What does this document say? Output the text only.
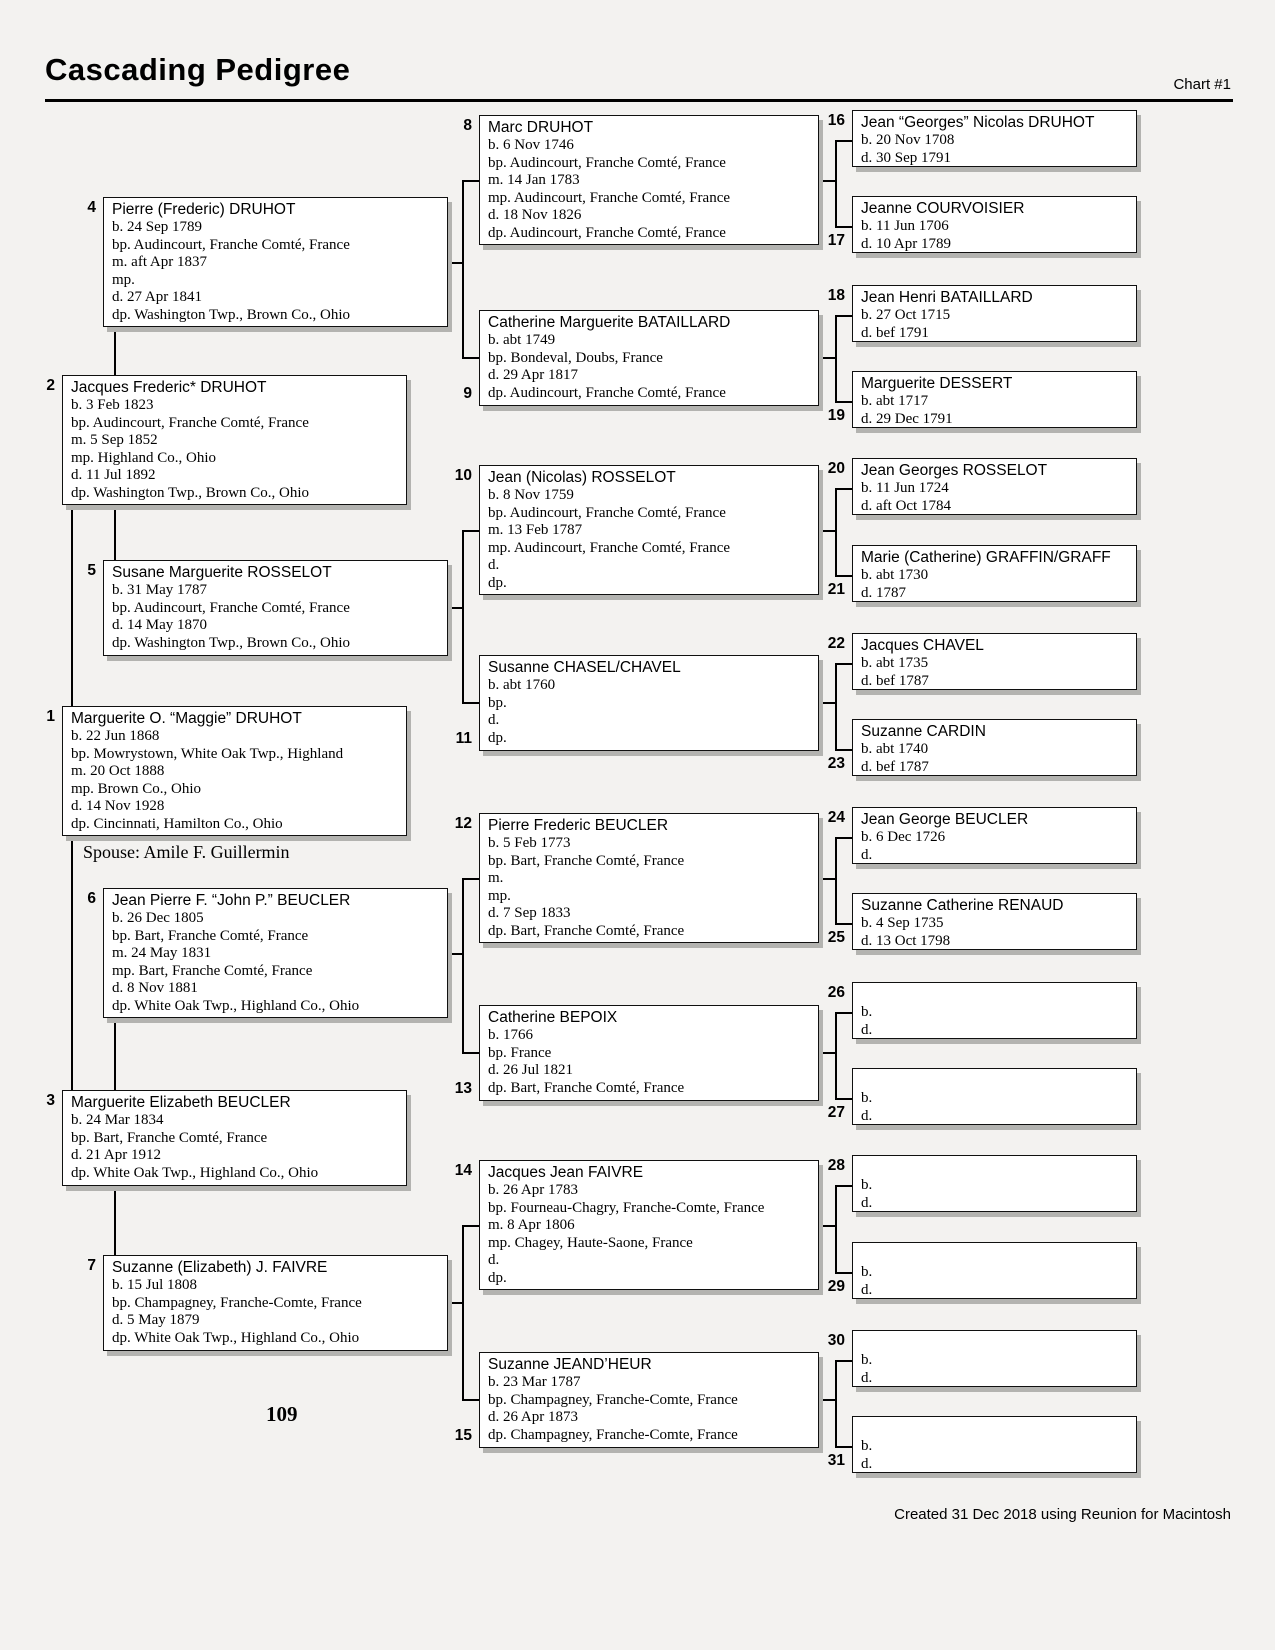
Cascading Pedigree	Chart #1
1 Marguerite O. “Maggie” DRUHOT
b. 22 Jun 1868
bp. Mowrystown, White Oak Twp., Highland
m. 20 Oct 1888
mp. Brown Co., Ohio
d. 14 Nov 1928
dp. Cincinnati, Hamilton Co., Ohio
2 Jacques Frederic* DRUHOT
b. 3 Feb 1823
bp. Audincourt, Franche Comté, France
m. 5 Sep 1852
mp. Highland Co., Ohio
d. 11 Jul 1892
dp. Washington Twp., Brown Co., Ohio
3 Marguerite Elizabeth BEUCLER
b. 24 Mar 1834
bp. Bart, Franche Comté, France
d. 21 Apr 1912
dp. White Oak Twp., Highland Co., Ohio
4 Pierre (Frederic) DRUHOT
b. 24 Sep 1789
bp. Audincourt, Franche Comté, France
m. aft Apr 1837
mp.
d. 27 Apr 1841
dp. Washington Twp., Brown Co., Ohio
5 Susane Marguerite ROSSELOT
b. 31 May 1787
bp. Audincourt, Franche Comté, France
d. 14 May 1870
dp. Washington Twp., Brown Co., Ohio
6 Jean Pierre F. “John P.” BEUCLER
b. 26 Dec 1805
bp. Bart, Franche Comté, France
m. 24 May 1831
mp. Bart, Franche Comté, France
d. 8 Nov 1881
dp. White Oak Twp., Highland Co., Ohio
7 Suzanne (Elizabeth) J. FAIVRE
b. 15 Jul 1808
bp. Champagney, Franche-Comte, France
d. 5 May 1879
dp. White Oak Twp., Highland Co., Ohio
8 Marc DRUHOT
b. 6 Nov 1746
bp. Audincourt, Franche Comté, France
m. 14 Jan 1783
mp. Audincourt, Franche Comté, France
d. 18 Nov 1826
dp. Audincourt, Franche Comté, France
9
Catherine Marguerite BATAILLARD
b. abt 1749
bp. Bondeval, Doubs, France
d. 29 Apr 1817
dp. Audincourt, Franche Comté, France
10 Jean (Nicolas) ROSSELOT
b. 8 Nov 1759
bp. Audincourt, Franche Comté, France
m. 13 Feb 1787
mp. Audincourt, Franche Comté, France
d.
dp.
11
Susanne CHASEL/CHAVEL
b. abt 1760
bp.
d.
dp.
12 Pierre Frederic BEUCLER
b. 5 Feb 1773
bp. Bart, Franche Comté, France
m.
mp.
d. 7 Sep 1833
dp. Bart, Franche Comté, France
13
Catherine BEPOIX
b. 1766
bp. France
d. 26 Jul 1821
dp. Bart, Franche Comté, France
14 Jacques Jean FAIVRE
b. 26 Apr 1783
bp. Fourneau-Chagry, Franche-Comte, France
m. 8 Apr 1806
mp. Chagey, Haute-Saone, France
d.
dp.
15
Suzanne JEAND’HEUR
b. 23 Mar 1787
bp. Champagney, Franche-Comte, France
d. 26 Apr 1873
dp. Champagney, Franche-Comte, France
16 Jean “Georges” Nicolas DRUHOT
b. 20 Nov 1708
d. 30 Sep 1791
17
Jeanne COURVOISIER
b. 11 Jun 1706
d. 10 Apr 1789
18 Jean Henri BATAILLARD
b. 27 Oct 1715
d. bef 1791
19
Marguerite DESSERT
b. abt 1717
d. 29 Dec 1791
20 Jean Georges ROSSELOT
b. 11 Jun 1724
d. aft Oct 1784
21
Marie (Catherine) GRAFFIN/GRAFF
b. abt 1730
d. 1787
22 Jacques CHAVEL
b. abt 1735
d. bef 1787
23
Suzanne CARDIN
b. abt 1740
d. bef 1787
24 Jean George BEUCLER
b. 6 Dec 1726
d.
25
Suzanne Catherine RENAUD
b. 4 Sep 1735
d. 13 Oct 1798
26
b.
d.
27
b.
d.
28
b.
d.
29
b.
d.
30
b.
d.
31
b.
d.
Spouse: Amile F. Guillermin
109
Created 31 Dec 2018 using Reunion for Macintosh
